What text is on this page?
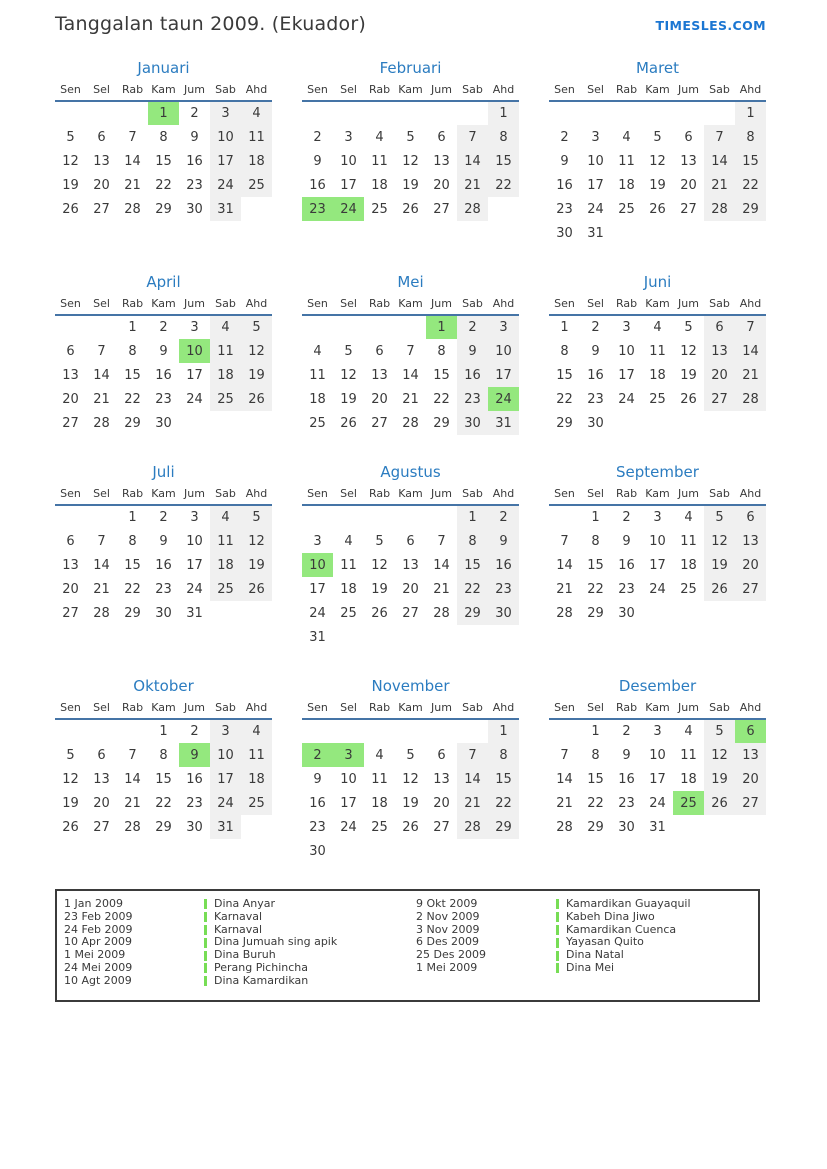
Tanggalan taun 2009. (Ekuador)	TIMESLES.COM
Januari
Sen	Sel	Rab	Kam	Jum	Sab	Ahd
			1	2	3	4
5	6	7	8	9	10	11
12	13	14	15	16	17	18
19	20	21	22	23	24	25
26	27	28	29	30	31	
Februari
Sen	Sel	Rab	Kam	Jum	Sab	Ahd
						1
2	3	4	5	6	7	8
9	10	11	12	13	14	15
16	17	18	19	20	21	22
23	24	25	26	27	28	
Maret
Sen	Sel	Rab	Kam	Jum	Sab	Ahd
						1
2	3	4	5	6	7	8
9	10	11	12	13	14	15
16	17	18	19	20	21	22
23	24	25	26	27	28	29
30	31					
April
Sen	Sel	Rab	Kam	Jum	Sab	Ahd
		1	2	3	4	5
6	7	8	9	10	11	12
13	14	15	16	17	18	19
20	21	22	23	24	25	26
27	28	29	30			
Mei
Sen	Sel	Rab	Kam	Jum	Sab	Ahd
				1	2	3
4	5	6	7	8	9	10
11	12	13	14	15	16	17
18	19	20	21	22	23	24
25	26	27	28	29	30	31
Juni
Sen	Sel	Rab	Kam	Jum	Sab	Ahd
1	2	3	4	5	6	7
8	9	10	11	12	13	14
15	16	17	18	19	20	21
22	23	24	25	26	27	28
29	30					
Juli
Sen	Sel	Rab	Kam	Jum	Sab	Ahd
		1	2	3	4	5
6	7	8	9	10	11	12
13	14	15	16	17	18	19
20	21	22	23	24	25	26
27	28	29	30	31		
Agustus
Sen	Sel	Rab	Kam	Jum	Sab	Ahd
					1	2
3	4	5	6	7	8	9
10	11	12	13	14	15	16
17	18	19	20	21	22	23
24	25	26	27	28	29	30
31						
September
Sen	Sel	Rab	Kam	Jum	Sab	Ahd
	1	2	3	4	5	6
7	8	9	10	11	12	13
14	15	16	17	18	19	20
21	22	23	24	25	26	27
28	29	30				
Oktober
Sen	Sel	Rab	Kam	Jum	Sab	Ahd
			1	2	3	4
5	6	7	8	9	10	11
12	13	14	15	16	17	18
19	20	21	22	23	24	25
26	27	28	29	30	31	
November
Sen	Sel	Rab	Kam	Jum	Sab	Ahd
						1
2	3	4	5	6	7	8
9	10	11	12	13	14	15
16	17	18	19	20	21	22
23	24	25	26	27	28	29
30						
Desember
Sen	Sel	Rab	Kam	Jum	Sab	Ahd
	1	2	3	4	5	6
7	8	9	10	11	12	13
14	15	16	17	18	19	20
21	22	23	24	25	26	27
28	29	30	31			
1 Jan 2009	Dina Anyar
23 Feb 2009	Karnaval
24 Feb 2009	Karnaval
10 Apr 2009	Dina Jumuah sing apik
1 Mei 2009	Dina Buruh
24 Mei 2009	Perang Pichincha
10 Agt 2009	Dina Kamardikan
9 Okt 2009	Kamardikan Guayaquil
2 Nov 2009	Kabeh Dina Jiwo
3 Nov 2009	Kamardikan Cuenca
6 Des 2009	Yayasan Quito
25 Des 2009	Dina Natal
1 Mei 2009	Dina Mei
